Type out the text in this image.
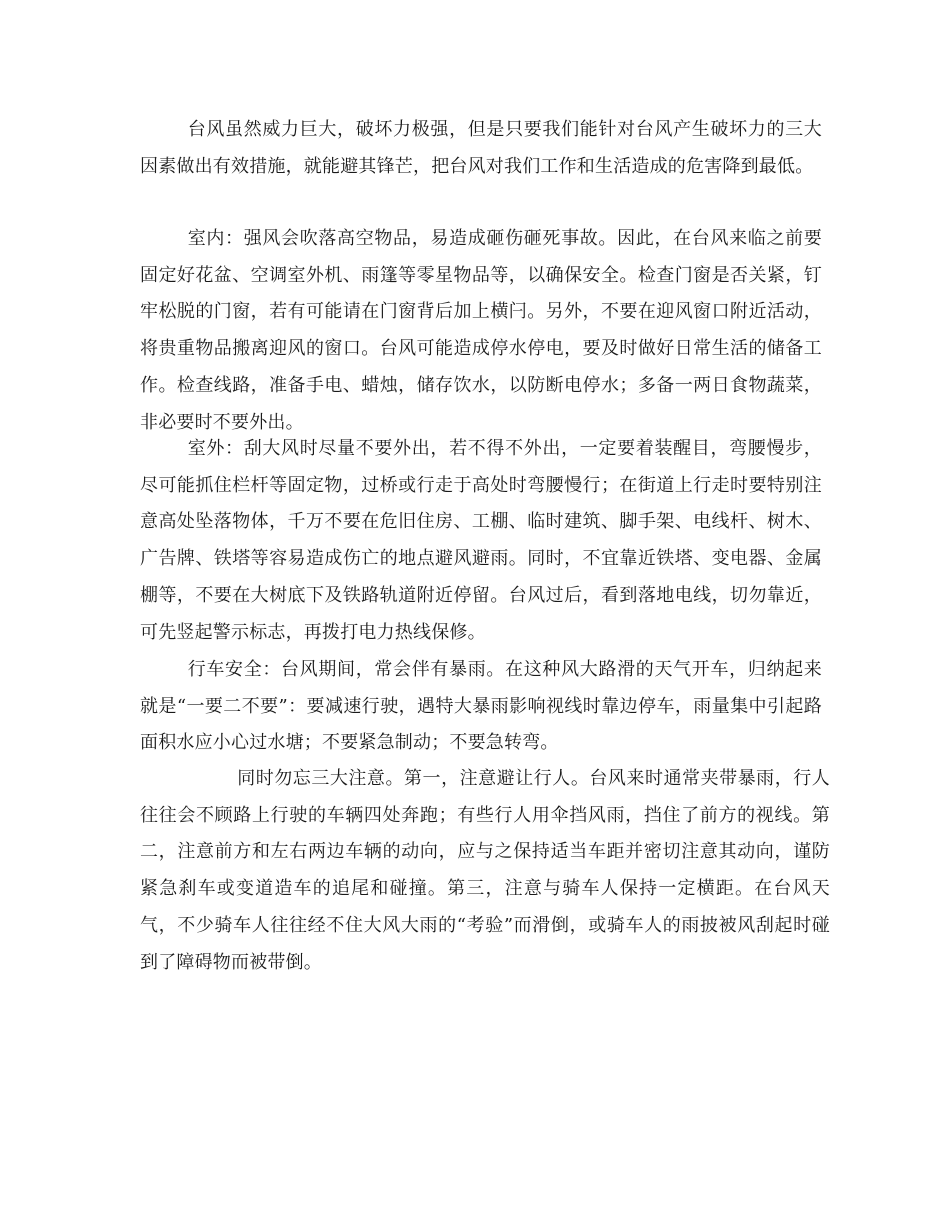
台风虽然威力巨大，破坏力极强，但是只要我们能针对台风产生破坏力的三大因素做出有效措施，就能避其锋芒，把台风对我们工作和生活造成的危害降到最低。

室内：强风会吹落高空物品，易造成砸伤砸死事故。因此，在台风来临之前要固定好花盆、空调室外机、雨篷等零星物品等，以确保安全。检查门窗是否关紧，钉牢松脱的门窗，若有可能请在门窗背后加上横闩。另外，不要在迎风窗口附近活动，将贵重物品搬离迎风的窗口。台风可能造成停水停电，要及时做好日常生活的储备工作。检查线路，准备手电、蜡烛，储存饮水，以防断电停水；多备一两日食物蔬菜，非必要时不要外出。

室外：刮大风时尽量不要外出，若不得不外出，一定要着装醒目，弯腰慢步，尽可能抓住栏杆等固定物，过桥或行走于高处时弯腰慢行；在街道上行走时要特别注意高处坠落物体，千万不要在危旧住房、工棚、临时建筑、脚手架、电线杆、树木、广告牌、铁塔等容易造成伤亡的地点避风避雨。同时，不宜靠近铁塔、变电器、金属棚等，不要在大树底下及铁路轨道附近停留。台风过后，看到落地电线，切勿靠近，可先竖起警示标志，再拨打电力热线保修。

行车安全：台风期间，常会伴有暴雨。在这种风大路滑的天气开车，归纳起来就是“一要二不要”：要减速行驶，遇特大暴雨影响视线时靠边停车，雨量集中引起路面积水应小心过水塘；不要紧急制动；不要急转弯。

同时勿忘三大注意。第一，注意避让行人。台风来时通常夹带暴雨，行人往往会不顾路上行驶的车辆四处奔跑；有些行人用伞挡风雨，挡住了前方的视线。第二，注意前方和左右两边车辆的动向，应与之保持适当车距并密切注意其动向，谨防紧急刹车或变道造车的追尾和碰撞。第三，注意与骑车人保持一定横距。在台风天气，不少骑车人往往经不住大风大雨的“考验”而滑倒，或骑车人的雨披被风刮起时碰到了障碍物而被带倒。
